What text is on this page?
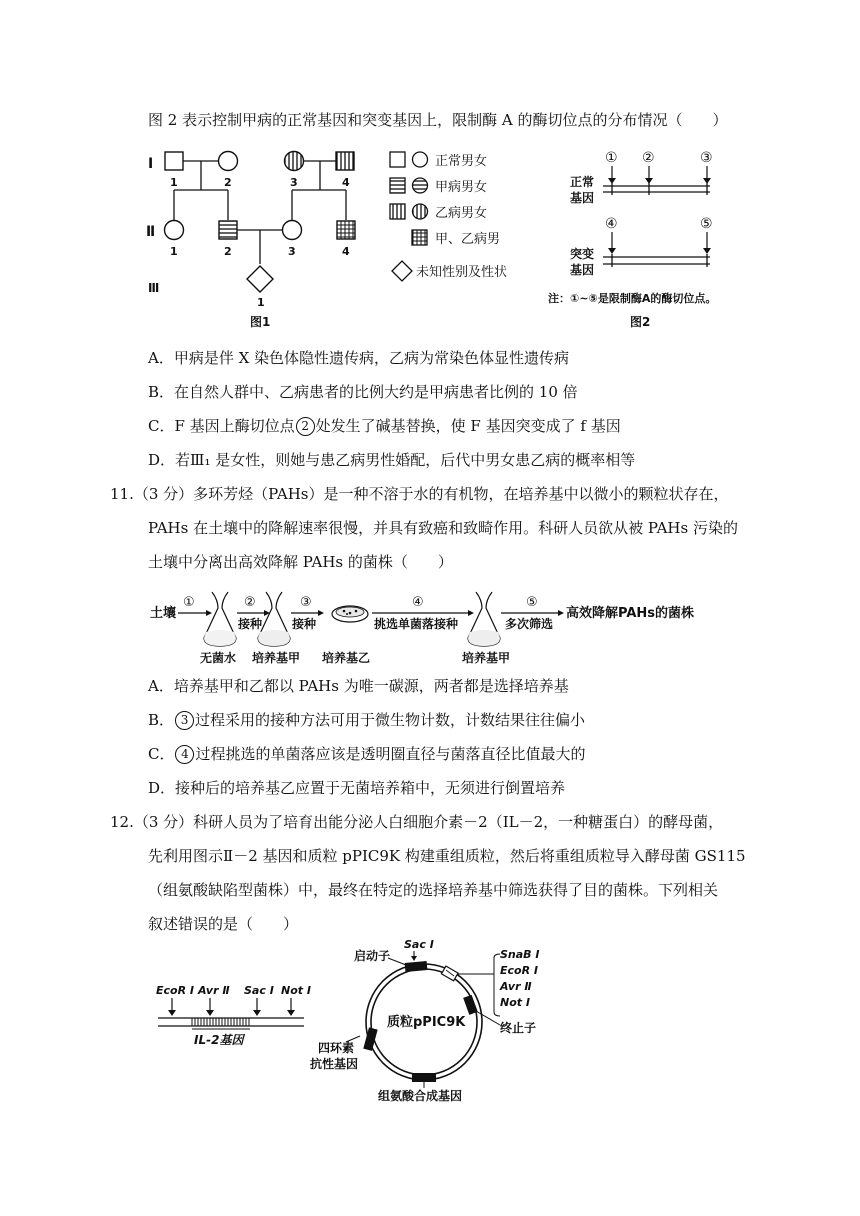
图 2 表示控制甲病的正常基因和突变基因上，限制酶 A 的酶切位点的分布情况（　　）
Ⅰ
Ⅱ
Ⅲ
1	2	3	4
1	2	3	4
1
图1
正常男女
甲病男女
乙病男女
甲、乙病男
未知性别及性状
① ②	③
正常
基因
④	⑤
突变
基因
注：①~⑤是限制酶A的酶切位点。
图2
A．甲病是伴 X 染色体隐性遗传病，乙病为常染色体显性遗传病
B．在自然人群中、乙病患者的比例大约是甲病患者比例的 10 倍
C．F 基因上酶切位点 2 处发生了碱基替换，使 F 基因突变成了 f 基因
D．若Ⅲ₁ 是女性，则她与患乙病男性婚配，后代中男女患乙病的概率相等
11.（3 分）多环芳烃（PAHs）是一种不溶于水的有机物，在培养基中以微小的颗粒状存在，
PAHs 在土壤中的降解速率很慢，并具有致癌和致畸作用。科研人员欲从被 PAHs 污染的
土壤中分离出高效降解 PAHs 的菌株（　　）
土壤
①
无菌水
②
接种
培养基甲
③
接种
培养基乙
④
挑选单菌落接种
培养基甲
⑤
多次筛选
高效降解PAHs的菌株
A．培养基甲和乙都以 PAHs 为唯一碳源，两者都是选择培养基
B． 3 过程采用的接种方法可用于微生物计数，计数结果往往偏小
C． 4 过程挑选的单菌落应该是透明圈直径与菌落直径比值最大的
D．接种后的培养基乙应置于无菌培养箱中，无须进行倒置培养
12.（3 分）科研人员为了培育出能分泌人白细胞介素－2（IL－2，一种糖蛋白）的酵母菌，
先利用图示Ⅱ－2 基因和质粒 pPIC9K 构建重组质粒，然后将重组质粒导入酵母菌 GS115
（组氨酸缺陷型菌株）中，最终在特定的选择培养基中筛选获得了目的菌株。下列相关
叙述错误的是（　　）
EcoR Ⅰ Avr Ⅱ Sac Ⅰ Not Ⅰ
IL-2基因
质粒pPIC9K
启动子
Sac Ⅰ
SnaB Ⅰ
EcoR Ⅰ
Avr Ⅱ
Not Ⅰ
终止子
四环素
抗性基因
组氨酸合成基因
